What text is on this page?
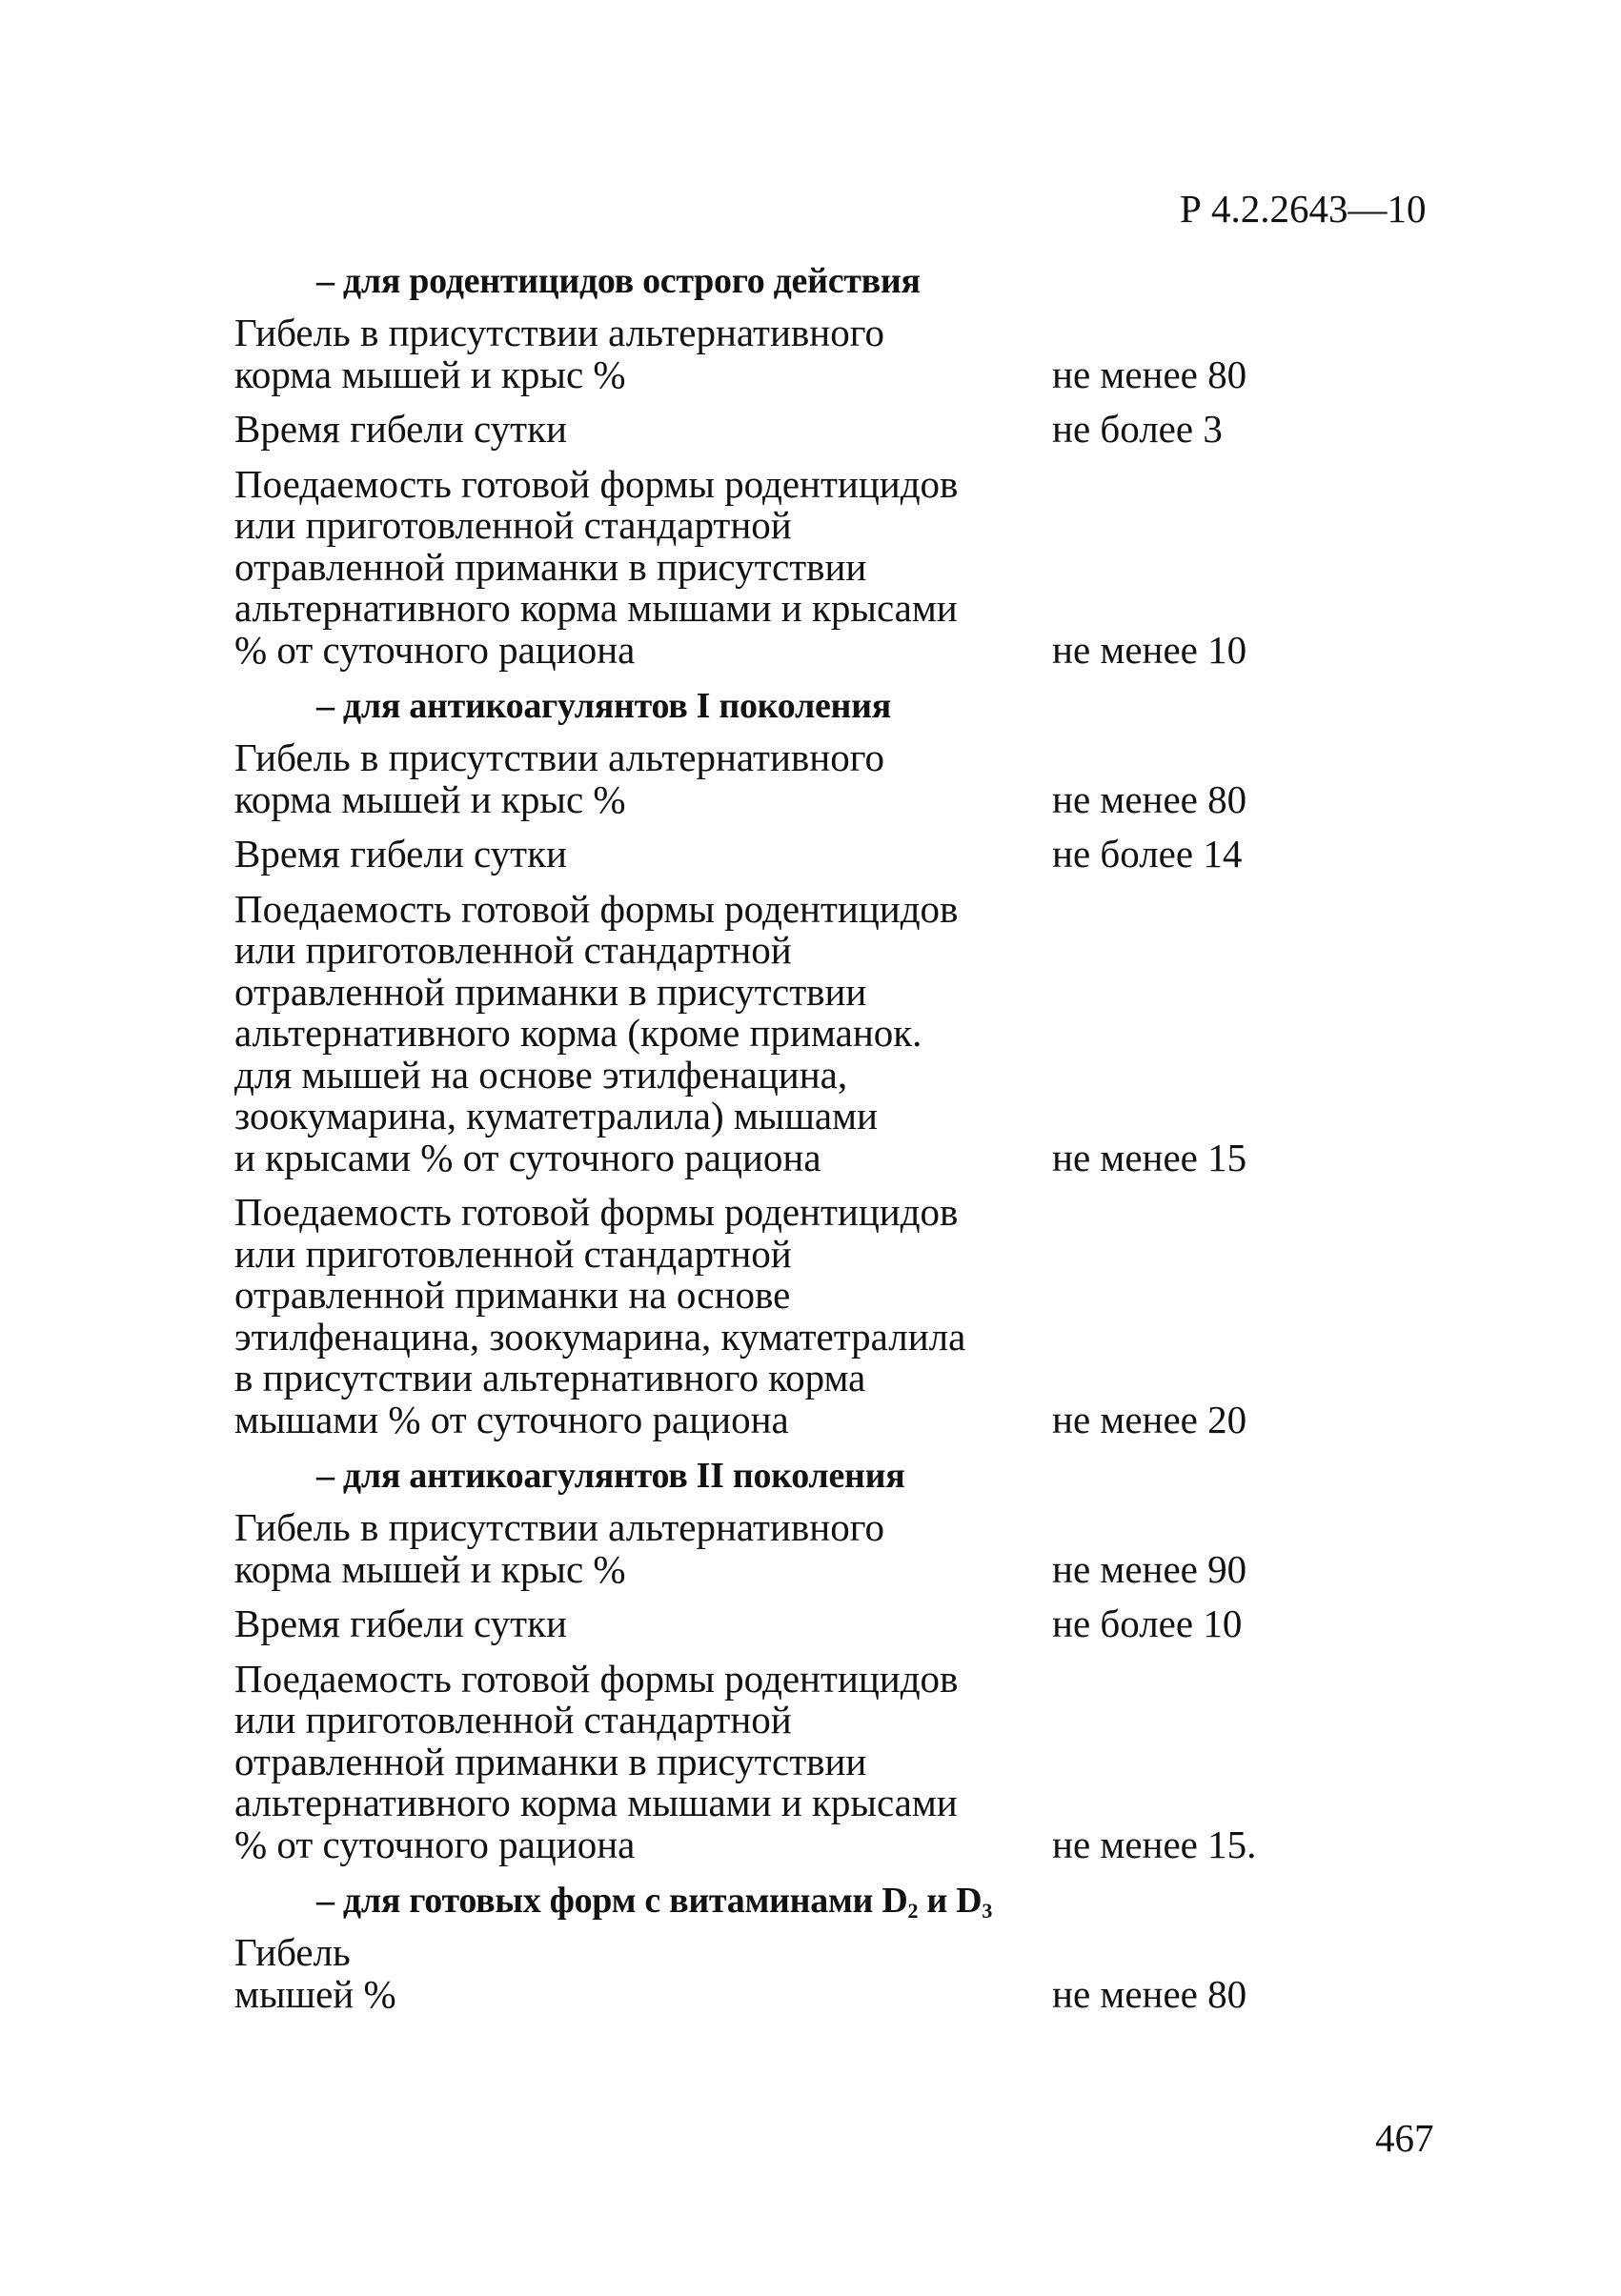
Р 4.2.2643—10
– для родентицидов острого действия
Гибель в присутствии альтернативного
корма мышей и крыс %	не менее 80
Время гибели сутки	не более 3
Поедаемость готовой формы родентицидов
или приготовленной стандартной
отравленной приманки в присутствии
альтернативного корма мышами и крысами
% от суточного рациона	не менее 10
– для антикоагулянтов I поколения
Гибель в присутствии альтернативного
корма мышей и крыс %	не менее 80
Время гибели сутки	не более 14
Поедаемость готовой формы родентицидов
или приготовленной стандартной
отравленной приманки в присутствии
альтернативного корма (кроме приманок.
для мышей на основе этилфенацина,
зоокумарина, куматетралила) мышами
и крысами % от суточного рациона	не менее 15
Поедаемость готовой формы родентицидов
или приготовленной стандартной
отравленной приманки на основе
этилфенацина, зоокумарина, куматетралила
в присутствии альтернативного корма
мышами % от суточного рациона	не менее 20
– для антикоагулянтов II поколения
Гибель в присутствии альтернативного
корма мышей и крыс %	не менее 90
Время гибели сутки	не более 10
Поедаемость готовой формы родентицидов
или приготовленной стандартной
отравленной приманки в присутствии
альтернативного корма мышами и крысами
% от суточного рациона	не менее 15.
– для готовых форм с витаминами $D_2$ и $D_3$
Гибель
мышей %	не менее 80
467
